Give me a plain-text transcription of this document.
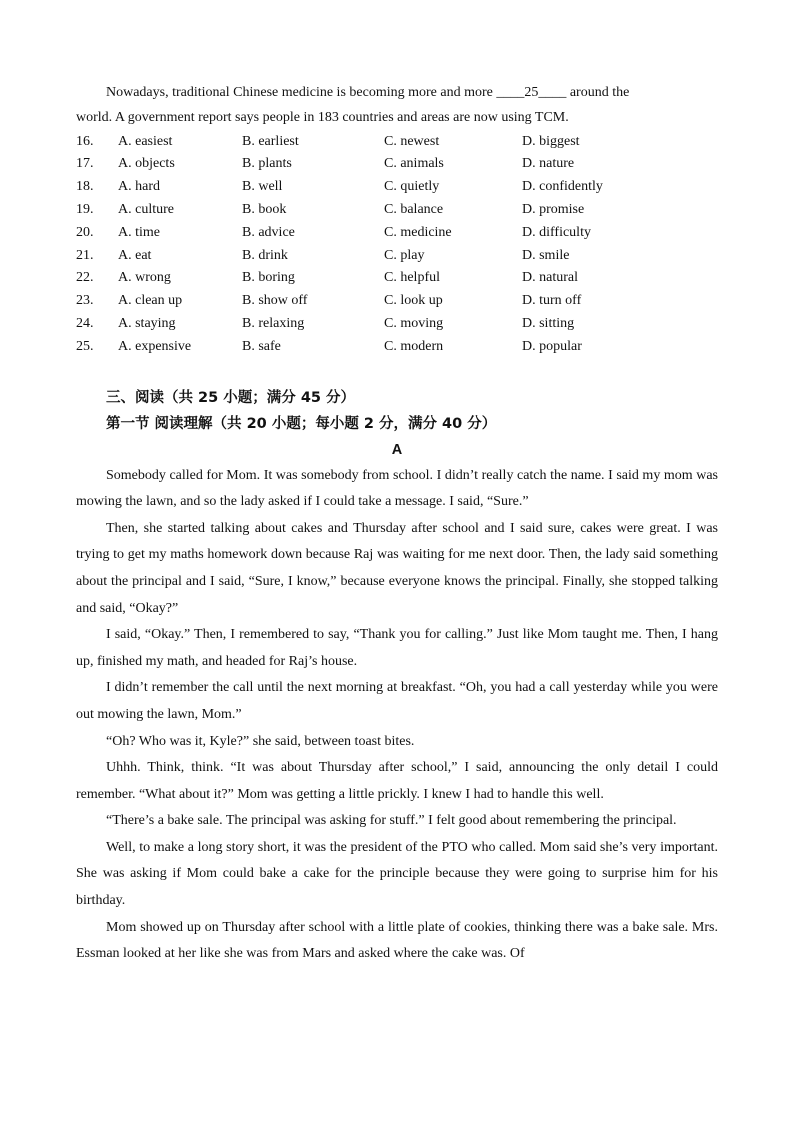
Nowadays, traditional Chinese medicine is becoming more and more ____25____ around the

world. A government report says people in 183 countries and areas are now using TCM.

16.	A. easiest	B. earliest	C. newest	D. biggest
17.	A. objects	B. plants	C. animals	D. nature
18.	A. hard	B. well	C. quietly	D. confidently
19.	A. culture	B. book	C. balance	D. promise
20.	A. time	B. advice	C. medicine	D. difficulty
21.	A. eat	B. drink	C. play	D. smile
22.	A. wrong	B. boring	C. helpful	D. natural
23.	A. clean up	B. show off	C. look up	D. turn off
24.	A. staying	B. relaxing	C. moving	D. sitting
25.	A. expensive	B. safe	C. modern	D. popular
三、阅读（共 25 小题；满分 45 分）
第一节 阅读理解（共 20 小题；每小题 2 分，满分 40 分）
A

Somebody called for Mom. It was somebody from school. I didn’t really catch the name. I said my mom was mowing the lawn, and so the lady asked if I could take a message. I said, “Sure.”

Then, she started talking about cakes and Thursday after school and I said sure, cakes were great. I was trying to get my maths homework down because Raj was waiting for me next door. Then, the lady said something about the principal and I said, “Sure, I know,” because everyone knows the principal. Finally, she stopped talking and said, “Okay?”

I said, “Okay.” Then, I remembered to say, “Thank you for calling.” Just like Mom taught me. Then, I hang up, finished my math, and headed for Raj’s house.

I didn’t remember the call until the next morning at breakfast. “Oh, you had a call yesterday while you were out mowing the lawn, Mom.”

“Oh? Who was it, Kyle?” she said, between toast bites.

Uhhh. Think, think. “It was about Thursday after school,” I said, announcing the only detail I could remember. “What about it?” Mom was getting a little prickly. I knew I had to handle this well.

“There’s a bake sale. The principal was asking for stuff.” I felt good about remembering the principal.

Well, to make a long story short, it was the president of the PTO who called. Mom said she’s very important. She was asking if Mom could bake a cake for the principle because they were going to surprise him for his birthday.

Mom showed up on Thursday after school with a little plate of cookies, thinking there was a bake sale. Mrs. Essman looked at her like she was from Mars and asked where the cake was. Of
